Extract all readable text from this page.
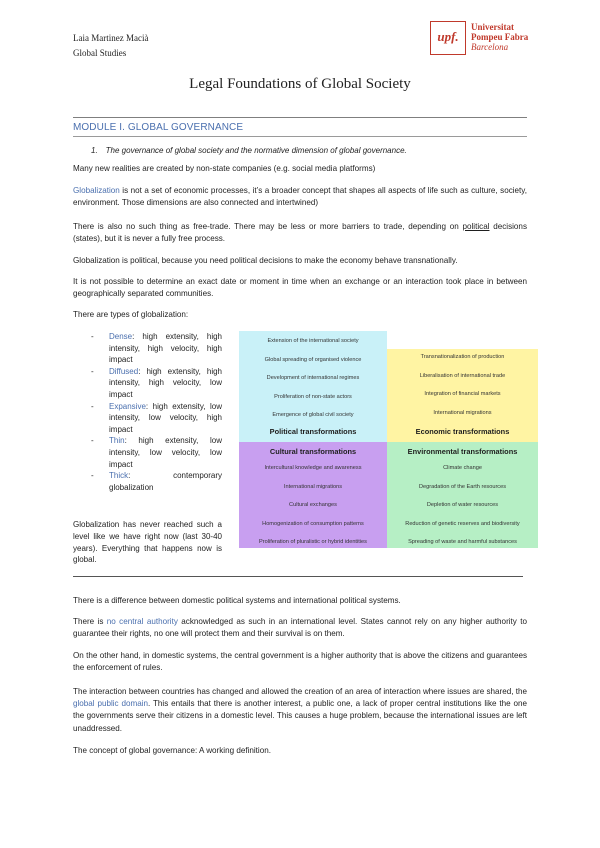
Laia Martinez Macià
Global Studies
upf.
Universitat
Pompeu Fabra
Barcelona
Legal Foundations of Global Society
MODULE I. GLOBAL GOVERNANCE
1. The governance of global society and the normative dimension of global governance.
Many new realities are created by non-state companies (e.g. social media platforms)
Globalization is not a set of economic processes, it’s a broader concept that shapes all aspects of life such as culture, society, environment. Those dimensions are also connected and intertwined)
There is also no such thing as free-trade. There may be less or more barriers to trade, depending on political decisions (states), but it is never a fully free process.
Globalization is political, because you need political decisions to make the economy behave transnationally.
It is not possible to determine an exact date or moment in time when an exchange or an interaction took place in between geographically separated communities.
There are types of globalization:
- Dense: high extensity, high intensity, high velocity, high impact
- Diffused: high extensity, high intensity, high velocity, low impact
- Expansive: high extensity, low intensity, low velocity, high impact
- Thin: high extensity, low intensity, low velocity, low impact
- Thick: contemporary globalization
Globalization has never reached such a level like we have right now (last 30-40 years). Everything that happens now is global.
Extension of the international society
Global spreading of organised violence
Development of international regimes
Proliferation of non-state actors
Emergence of global civil society
Political transformations
Transnationalization of production
Liberalisation of international trade
Integration of financial markets
International migrations
Economic transformations
Cultural transformations
Intercultural knowledge and awareness
International migrations
Cultural exchanges
Homogenization of consumption patterns
Proliferation of pluralistic or hybrid identities
Environmental transformations
Climate change
Degradation of the Earth resources
Depletion of water resources
Reduction of genetic reserves and biodiversity
Spreading of waste and harmful substances
There is a difference between domestic political systems and international political systems.
There is no central authority acknowledged as such in an international level. States cannot rely on any higher authority to guarantee their rights, no one will protect them and their survival is on them.
On the other hand, in domestic systems, the central government is a higher authority that is above the citizens and guarantees the enforcement of rules.
The interaction between countries has changed and allowed the creation of an area of interaction where issues are shared, the global public domain. This entails that there is another interest, a public one, a lack of proper central institutions like the one the governments serve their citizens in a domestic level. This causes a huge problem, because the international issues are left unaddressed.
The concept of global governance: A working definition.
